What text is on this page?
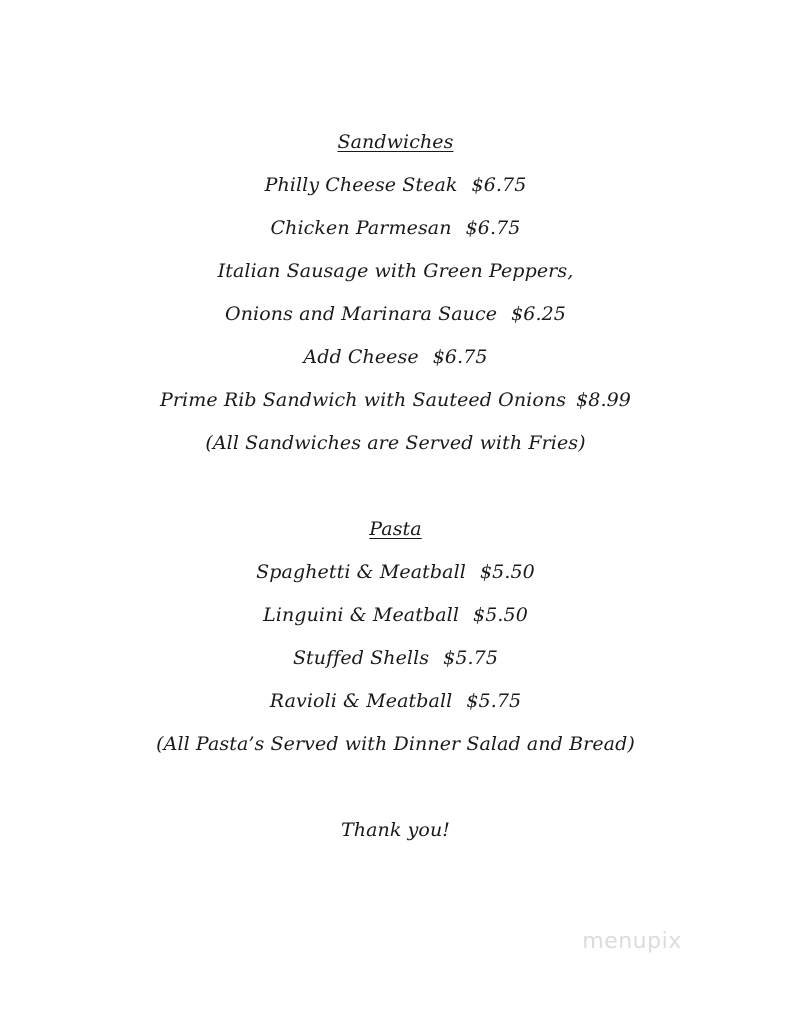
Sandwiches
Philly Cheese Steak $6.75
Chicken Parmesan $6.75
Italian Sausage with Green Peppers,
Onions and Marinara Sauce $6.25
Add Cheese $6.75
Prime Rib Sandwich with Sauteed Onions $8.99
(All Sandwiches are Served with Fries)
Pasta
Spaghetti & Meatball $5.50
Linguini & Meatball $5.50
Stuffed Shells $5.75
Ravioli & Meatball $5.75
(All Pasta’s Served with Dinner Salad and Bread)
Thank you!
menupix
